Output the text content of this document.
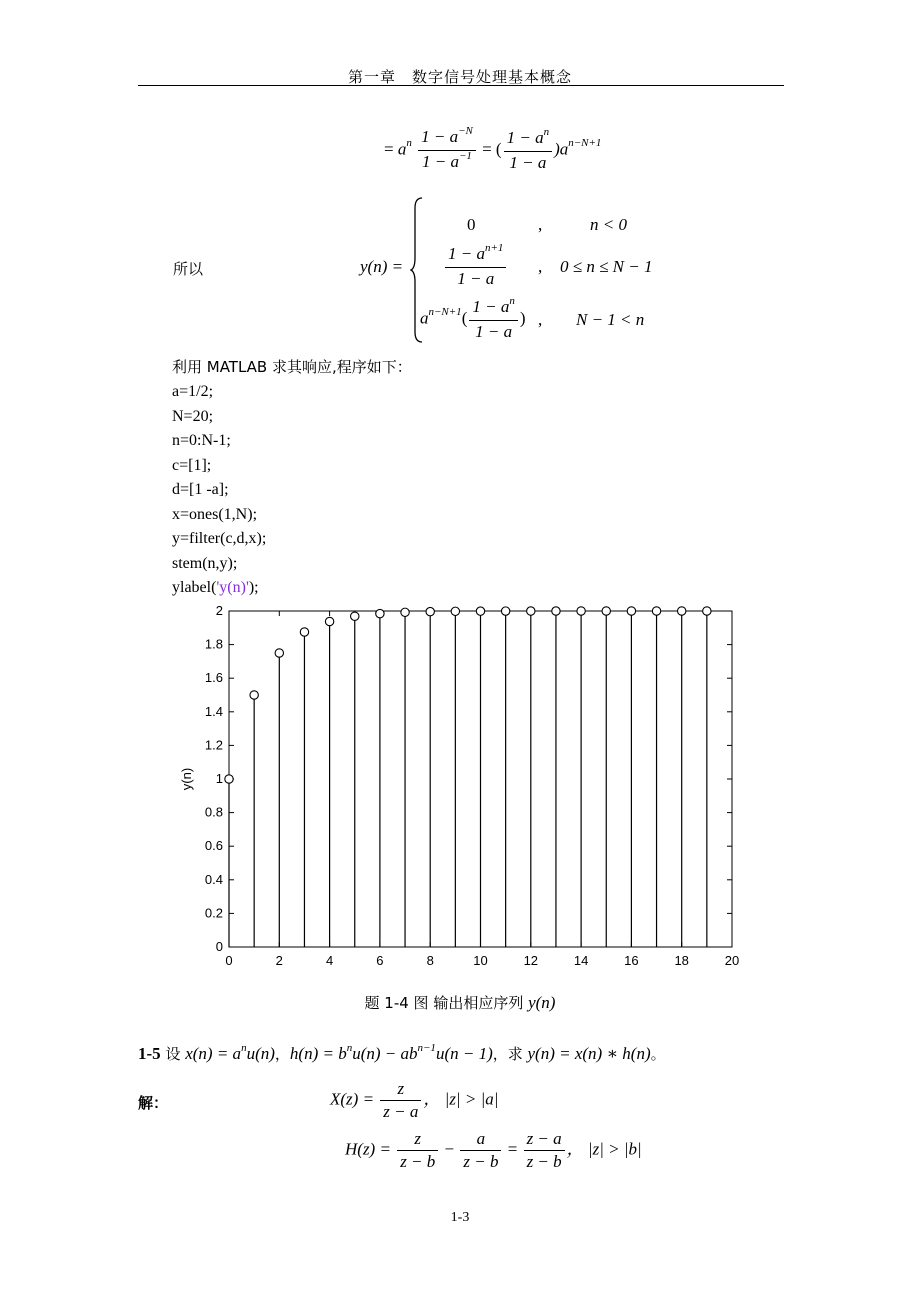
第一章　数字信号处理基本概念
= $a^n \frac{1 - a^{-N}}{1 - a^{-1}}$ = ( $\frac{1 - a^n}{1 - a} )a^{n-N+1}$
所以	y(n) =
0	,	n < 0
$\frac{1 - a^{n+1}}{1 - a}$ , 0 ≤ n ≤ N − 1
$a^{n-N+1}( \frac{1 - a^n}{1 - a}$ ) , N − 1 < n
利用 MATLAB 求其响应,程序如下：
a=1/2;
N=20;
n=0:N-1;
c=[1];
d=[1 -a];
x=ones(1,N);
y=filter(c,d,x);
stem(n,y);
ylabel('y(n)');
0	2	4	6	8	10	12	14	16	18	20
0
0.2
0.4
0.6
0.8
1
1.2
1.4
1.6
1.8
2
y(n)
题 1-4 图 输出相应序列 y(n)
1-5 设 $x(n) = a^nu(n)$，$h(n) = b^nu(n) - ab^{n-1}u(n - 1)$，求 y(n) = x(n) ∗ h(n)。
解：	$X(z) = \frac{z}{z - a}$ ， |z| > |a|
$H(z) = \frac{z}{z - b} - \frac{a}{z - b} = \frac{z - a}{z - b}$ ， |z| > |b|
1-3
